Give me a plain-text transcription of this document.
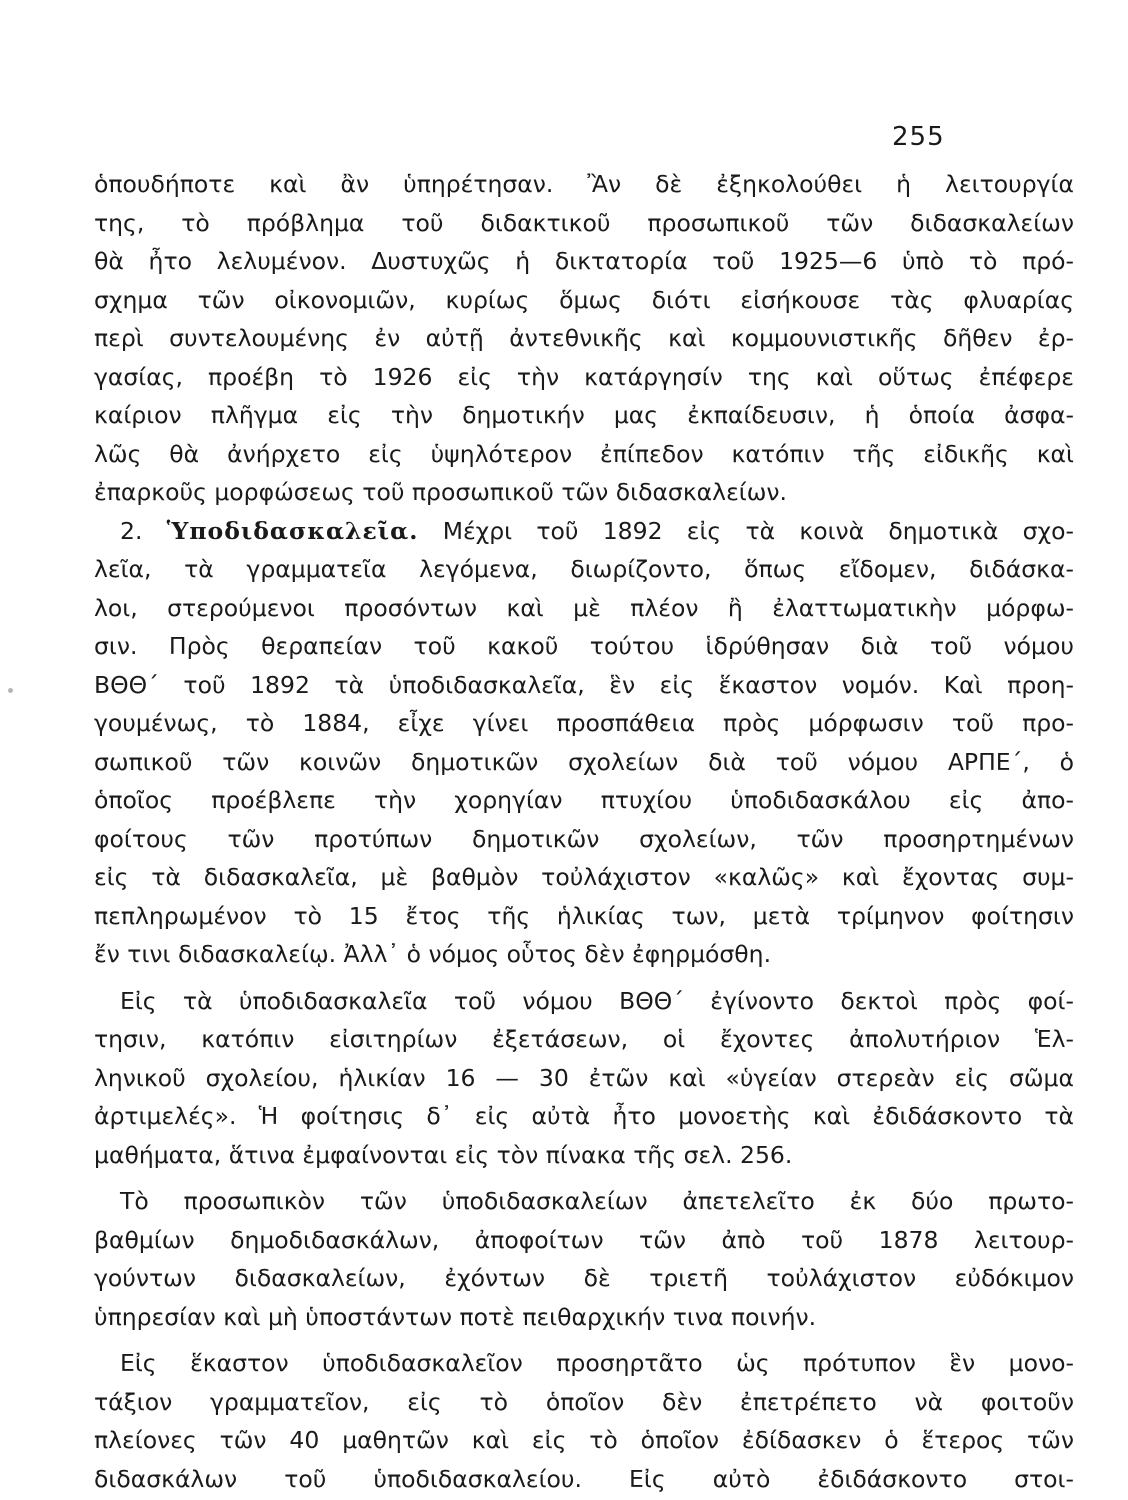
255
ὁπουδήποτε καὶ ἂν ὑπηρέτησαν. Ἂν δὲ ἐξηκολούθει ἡ λειτουργία
της, τὸ πρόβλημα τοῦ διδακτικοῦ προσωπικοῦ τῶν διδασκαλείων
θὰ ἦτο λελυμένον. Δυστυχῶς ἡ δικτατορία τοῦ 1925—6 ὑπὸ τὸ πρό-
σχημα τῶν οἰκονομιῶν, κυρίως ὅμως διότι εἰσήκουσε τὰς φλυαρίας
περὶ συντελουμένης ἐν αὐτῇ ἀντεθνικῆς καὶ κομμουνιστικῆς δῆθεν ἐρ-
γασίας, προέβη τὸ 1926 εἰς τὴν κατάργησίν της καὶ οὕτως ἐπέφερε
καίριον πλῆγμα εἰς τὴν δημοτικήν μας ἐκπαίδευσιν, ἡ ὁποία ἀσφα-
λῶς θὰ ἀνήρχετο εἰς ὑψηλότερον ἐπίπεδον κατόπιν τῆς εἰδικῆς καὶ
ἐπαρκοῦς μορφώσεως τοῦ προσωπικοῦ τῶν διδασκαλείων.
2. Ὑποδιδασκαλεῖα. Μέχρι τοῦ 1892 εἰς τὰ κοινὰ δημοτικὰ σχο-
λεῖα, τὰ γραμματεῖα λεγόμενα, διωρίζοντο, ὅπως εἴδομεν, διδάσκα-
λοι, στερούμενοι προσόντων καὶ μὲ πλέον ἢ ἐλαττωματικὴν μόρφω-
σιν. Πρὸς θεραπείαν τοῦ κακοῦ τούτου ἱδρύθησαν διὰ τοῦ νόμου
ΒΘΘ΄ τοῦ 1892 τὰ ὑποδιδασκαλεῖα, ἓν εἰς ἕκαστον νομόν. Καὶ προη-
γουμένως, τὸ 1884, εἶχε γίνει προσπάθεια πρὸς μόρφωσιν τοῦ προ-
σωπικοῦ τῶν κοινῶν δημοτικῶν σχολείων διὰ τοῦ νόμου ΑΡΠΕ΄, ὁ
ὁποῖος προέβλεπε τὴν χορηγίαν πτυχίου ὑποδιδασκάλου εἰς ἀπο-
φοίτους τῶν προτύπων δημοτικῶν σχολείων, τῶν προσηρτημένων
εἰς τὰ διδασκαλεῖα, μὲ βαθμὸν τοὐλάχιστον «καλῶς» καὶ ἔχοντας συμ-
πεπληρωμένον τὸ 15 ἔτος τῆς ἡλικίας των, μετὰ τρίμηνον φοίτησιν
ἔν τινι διδασκαλείῳ. Ἀλλ᾽ ὁ νόμος οὗτος δὲν ἐφηρμόσθη.
Εἰς τὰ ὑποδιδασκαλεῖα τοῦ νόμου ΒΘΘ΄ ἐγίνοντο δεκτοὶ πρὸς φοί-
τησιν, κατόπιν εἰσιτηρίων ἐξετάσεων, οἱ ἔχοντες ἀπολυτήριον Ἑλ-
ληνικοῦ σχολείου, ἡλικίαν 16 — 30 ἐτῶν καὶ «ὑγείαν στερεὰν εἰς σῶμα
ἀρτιμελές». Ἡ φοίτησις δ᾽ εἰς αὐτὰ ἦτο μονοετὴς καὶ ἐδιδάσκοντο τὰ
μαθήματα, ἅτινα ἐμφαίνονται εἰς τὸν πίνακα τῆς σελ. 256.
Τὸ προσωπικὸν τῶν ὑποδιδασκαλείων ἀπετελεῖτο ἐκ δύο πρωτο-
βαθμίων δημοδιδασκάλων, ἀποφοίτων τῶν ἀπὸ τοῦ 1878 λειτουρ-
γούντων διδασκαλείων, ἐχόντων δὲ τριετῆ τοὐλάχιστον εὐδόκιμον
ὑπηρεσίαν καὶ μὴ ὑποστάντων ποτὲ πειθαρχικήν τινα ποινήν.
Εἰς ἕκαστον ὑποδιδασκαλεῖον προσηρτᾶτο ὡς πρότυπον ἓν μονο-
τάξιον γραμματεῖον, εἰς τὸ ὁποῖον δὲν ἐπετρέπετο νὰ φοιτοῦν
πλείονες τῶν 40 μαθητῶν καὶ εἰς τὸ ὁποῖον ἐδίδασκεν ὁ ἕτερος τῶν
διδασκάλων τοῦ ὑποδιδασκαλείου. Εἰς αὐτὸ ἐδιδάσκοντο στοι-
